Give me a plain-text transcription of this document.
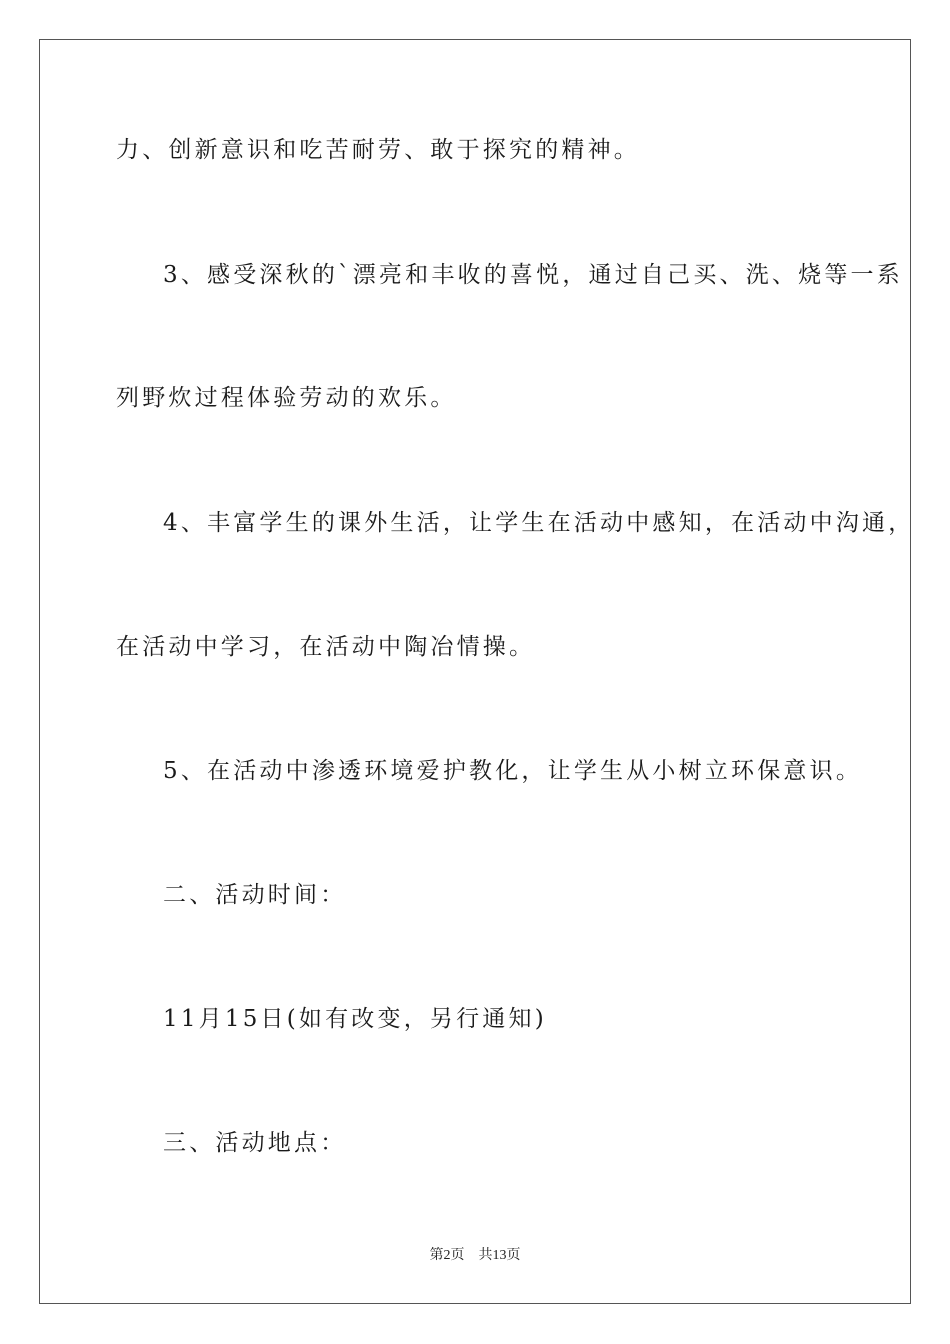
力、创新意识和吃苦耐劳、敢于探究的精神。
3、感受深秋的`漂亮和丰收的喜悦，通过自己买、洗、烧等一系
列野炊过程体验劳动的欢乐。
4、丰富学生的课外生活，让学生在活动中感知，在活动中沟通，
在活动中学习，在活动中陶冶情操。
5、在活动中渗透环境爱护教化，让学生从小树立环保意识。
二、活动时间：
11月15日(如有改变，另行通知)
三、活动地点：
第2页 共13页
